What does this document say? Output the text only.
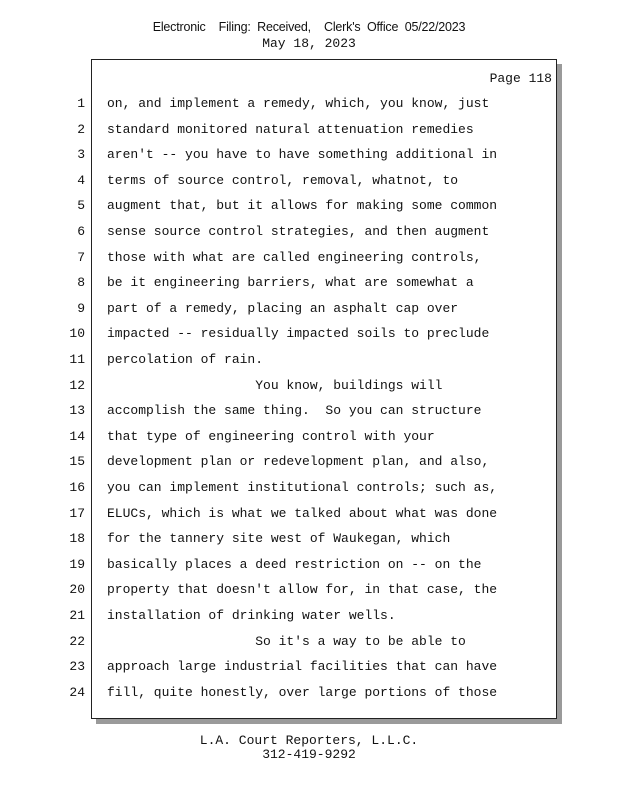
Electronic    Filing:  Received,    Clerk's  Office  05/22/2023
May 18, 2023
Page 118
1 on, and implement a remedy, which, you know, just
2 standard monitored natural attenuation remedies
3 aren't -- you have to have something additional in
4 terms of source control, removal, whatnot, to
5 augment that, but it allows for making some common
6 sense source control strategies, and then augment
7 those with what are called engineering controls,
8 be it engineering barriers, what are somewhat a
9 part of a remedy, placing an asphalt cap over
10 impacted -- residually impacted soils to preclude
11 percolation of rain.
12 You know, buildings will
13 accomplish the same thing.  So you can structure
14 that type of engineering control with your
15 development plan or redevelopment plan, and also,
16 you can implement institutional controls; such as,
17 ELUCs, which is what we talked about what was done
18 for the tannery site west of Waukegan, which
19 basically places a deed restriction on -- on the
20 property that doesn't allow for, in that case, the
21 installation of drinking water wells.
22 So it's a way to be able to
23 approach large industrial facilities that can have
24 fill, quite honestly, over large portions of those
L.A. Court Reporters, L.L.C.
312-419-9292
